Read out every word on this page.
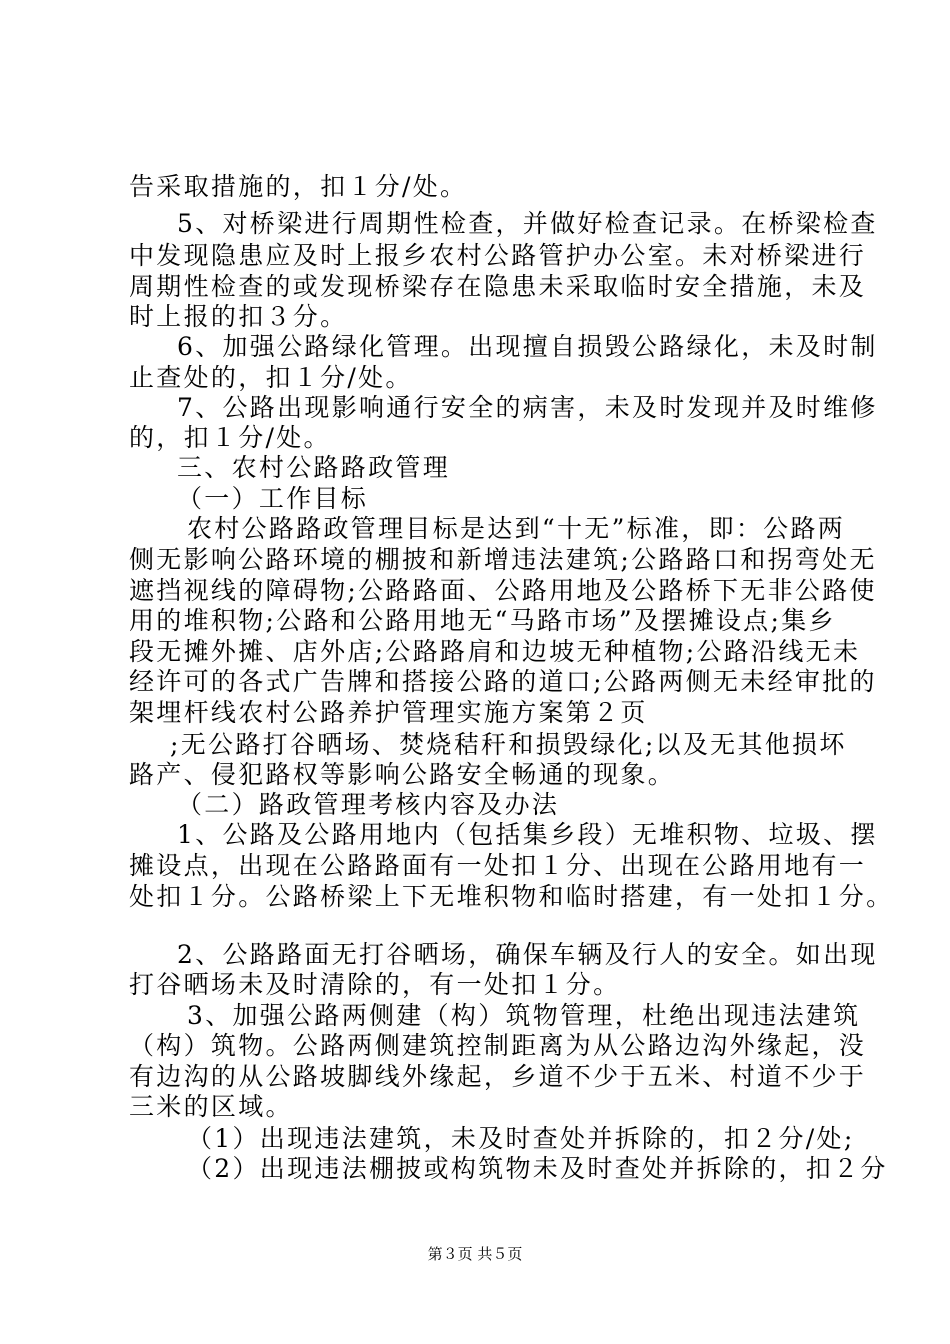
告采取措施的，扣１分/处。
5、对桥梁进行周期性检查，并做好检查记录。在桥梁检查
中发现隐患应及时上报乡农村公路管护办公室。未对桥梁进行
周期性检查的或发现桥梁存在隐患未采取临时安全措施，未及
时上报的扣３分。
6、加强公路绿化管理。出现擅自损毁公路绿化，未及时制
止查处的，扣１分/处。
7、公路出现影响通行安全的病害，未及时发现并及时维修
的，扣１分/处。
三、农村公路路政管理
（一）工作目标
农村公路路政管理目标是达到“十无”标准，即：公路两
侧无影响公路环境的棚披和新增违法建筑;公路路口和拐弯处无
遮挡视线的障碍物;公路路面、公路用地及公路桥下无非公路使
用的堆积物;公路和公路用地无“马路市场”及摆摊设点;集乡
段无摊外摊、店外店;公路路肩和边坡无种植物;公路沿线无未
经许可的各式广告牌和搭接公路的道口;公路两侧无未经审批的
架埋杆线农村公路养护管理实施方案第２页
;无公路打谷晒场、焚烧秸秆和损毁绿化;以及无其他损坏
路产、侵犯路权等影响公路安全畅通的现象。
（二）路政管理考核内容及办法
1、公路及公路用地内（包括集乡段）无堆积物、垃圾、摆
摊设点，出现在公路路面有一处扣１分、出现在公路用地有一
处扣１分。公路桥梁上下无堆积物和临时搭建，有一处扣１分。
2、公路路面无打谷晒场，确保车辆及行人的安全。如出现
打谷晒场未及时清除的，有一处扣１分。
3、加强公路两侧建（构）筑物管理，杜绝出现违法建筑
（构）筑物。公路两侧建筑控制距离为从公路边沟外缘起，没
有边沟的从公路坡脚线外缘起，乡道不少于五米、村道不少于
三米的区域。
（1）出现违法建筑，未及时查处并拆除的，扣２分/处;
（2）出现违法棚披或构筑物未及时查处并拆除的，扣２分
第３页 共５页
